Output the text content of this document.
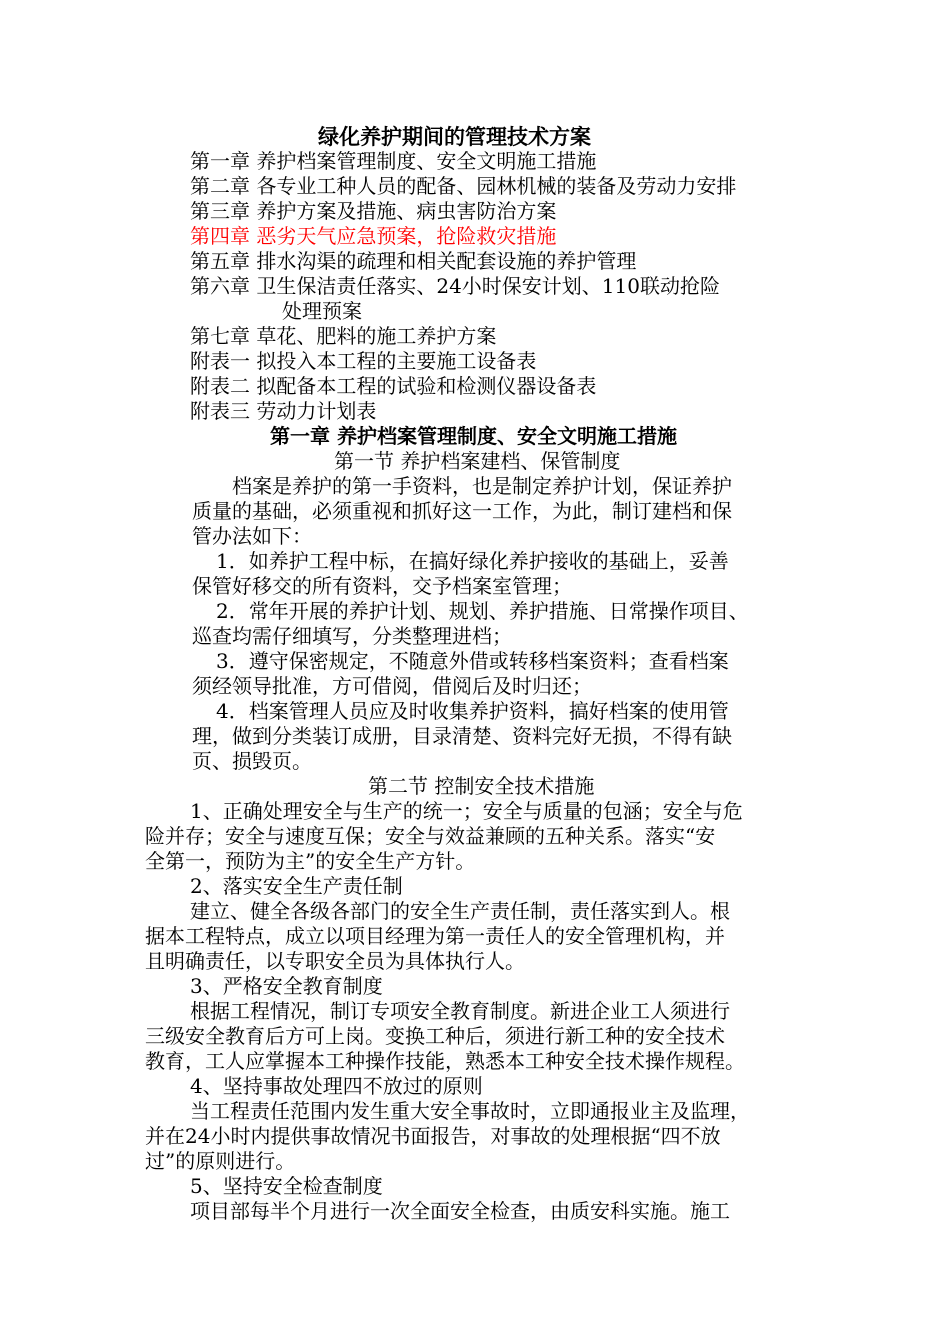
绿化养护期间的管理技术方案
第一章 养护档案管理制度、安全文明施工措施
第二章 各专业工种人员的配备、园林机械的装备及劳动力安排
第三章 养护方案及措施、病虫害防治方案
第四章 恶劣天气应急预案，抢险救灾措施
第五章 排水沟渠的疏理和相关配套设施的养护管理
第六章 卫生保洁责任落实、24小时保安计划、110联动抢险
处理预案
第七章 草花、肥料的施工养护方案
附表一 拟投入本工程的主要施工设备表
附表二 拟配备本工程的试验和检测仪器设备表
附表三 劳动力计划表
第一章 养护档案管理制度、安全文明施工措施
第一节 养护档案建档、保管制度
档案是养护的第一手资料，也是制定养护计划，保证养护
质量的基础，必须重视和抓好这一工作，为此，制订建档和保
管办法如下：
1．如养护工程中标，在搞好绿化养护接收的基础上，妥善
保管好移交的所有资料，交予档案室管理；
2．常年开展的养护计划、规划、养护措施、日常操作项目、
巡查均需仔细填写，分类整理进档；
3．遵守保密规定，不随意外借或转移档案资料；查看档案
须经领导批准，方可借阅，借阅后及时归还；
4．档案管理人员应及时收集养护资料，搞好档案的使用管
理，做到分类装订成册，目录清楚、资料完好无损，不得有缺
页、损毁页。
第二节 控制安全技术措施
1、正确处理安全与生产的统一；安全与质量的包涵；安全与危
险并存；安全与速度互保；安全与效益兼顾的五种关系。落实“安
全第一，预防为主”的安全生产方针。
2、落实安全生产责任制
建立、健全各级各部门的安全生产责任制，责任落实到人。根
据本工程特点，成立以项目经理为第一责任人的安全管理机构，并
且明确责任，以专职安全员为具体执行人。
3、严格安全教育制度
根据工程情况，制订专项安全教育制度。新进企业工人须进行
三级安全教育后方可上岗。变换工种后，须进行新工种的安全技术
教育，工人应掌握本工种操作技能，熟悉本工种安全技术操作规程。
4、坚持事故处理四不放过的原则
当工程责任范围内发生重大安全事故时，立即通报业主及监理，
并在24小时内提供事故情况书面报告，对事故的处理根据“四不放
过”的原则进行。
5、坚持安全检查制度
项目部每半个月进行一次全面安全检查，由质安科实施。施工
